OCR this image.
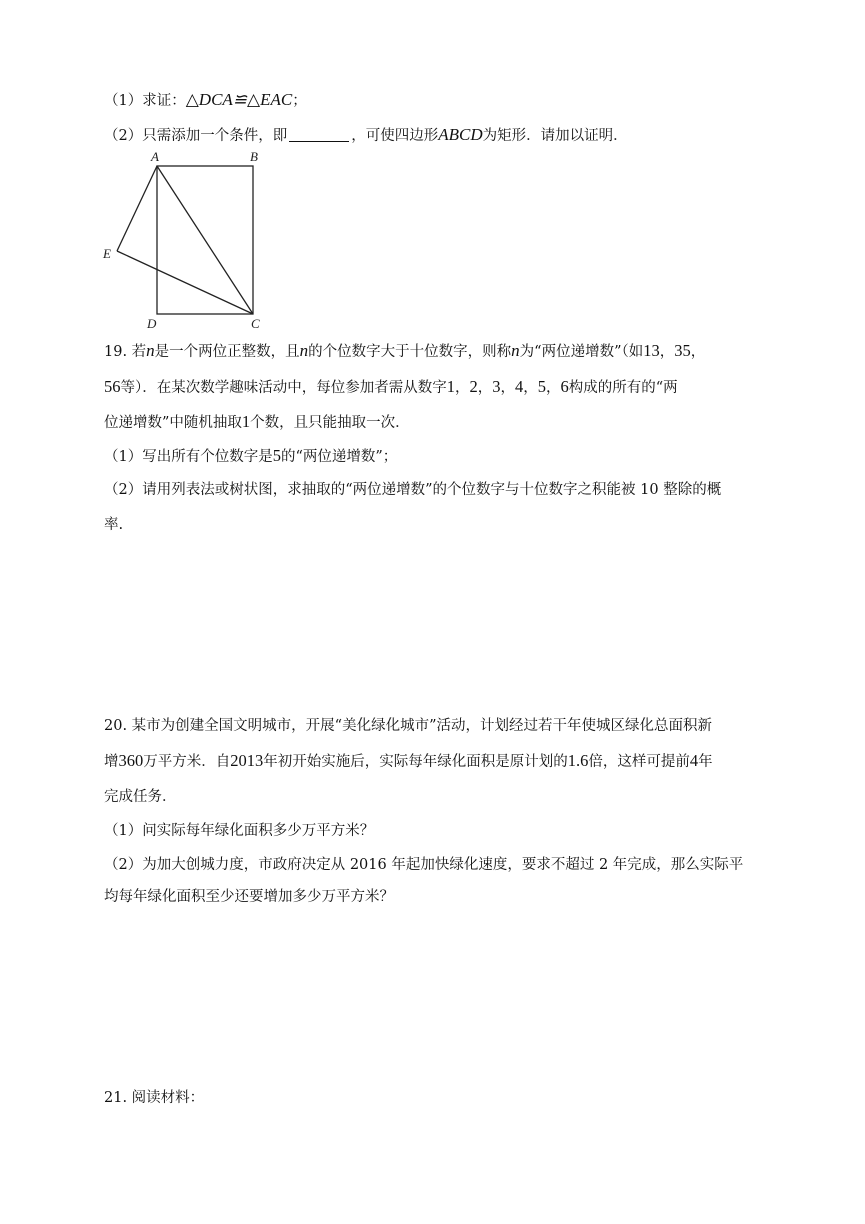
（1）求证：△DCA≌△EAC；
（2）只需添加一个条件，即	，可使四边形ABCD为矩形．请加以证明．
A	B
E
D	C
19. 若n是一个两位正整数，且n的个位数字大于十位数字，则称n为“两位递增数”（如13，35，
56等）．在某次数学趣味活动中，每位参加者需从数字1，2，3，4，5，6构成的所有的“两
位递增数”中随机抽取1个数，且只能抽取一次．
（1）写出所有个位数字是5的“两位递增数”；
（2）请用列表法或树状图，求抽取的“两位递增数”的个位数字与十位数字之积能被 10 整除的概
率.
20. 某市为创建全国文明城市，开展“美化绿化城市”活动，计划经过若干年使城区绿化总面积新
增360万平方米．自2013年初开始实施后，实际每年绿化面积是原计划的1.6倍，这样可提前4年
完成任务．
（1）问实际每年绿化面积多少万平方米？
（2）为加大创城力度，市政府决定从 2016 年起加快绿化速度，要求不超过 2 年完成，那么实际平
均每年绿化面积至少还要增加多少万平方米？
21. 阅读材料：
